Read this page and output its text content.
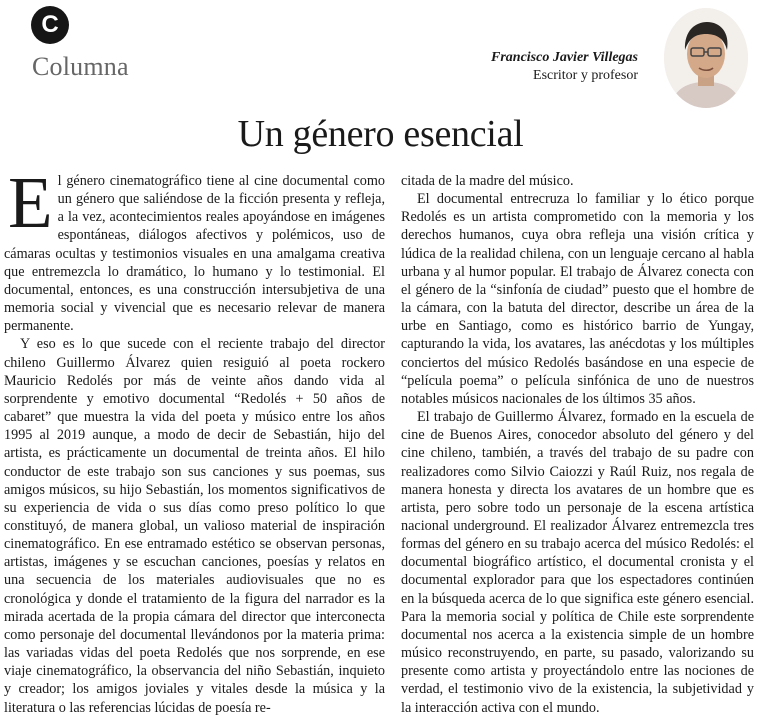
C
Columna	Francisco Javier Villegas
Escritor y profesor
Un género esencial

El género cinematográfico tiene al cine documental como un género que saliéndose de la ficción presenta y refleja, a la vez, acontecimientos reales apoyándose en imágenes espontáneas, diálogos afectivos y polémicos, uso de cámaras ocultas y testimonios visuales en una amalgama creativa que entremezcla lo dramático, lo humano y lo testimonial. El documental, entonces, es una construcción intersubjetiva de una memoria social y vivencial que es necesario relevar de manera permanente.

Y eso es lo que sucede con el reciente trabajo del director chileno Guillermo Álvarez quien resiguió al poeta rockero Mauricio Redolés por más de veinte años dando vida al sorprendente y emotivo documental “Redolés + 50 años de cabaret” que muestra la vida del poeta y músico entre los años 1995 al 2019 aunque, a modo de decir de Sebastián, hijo del artista, es prácticamente un documental de treinta años. El hilo conductor de este trabajo son sus canciones y sus poemas, sus amigos músicos, su hijo Sebastián, los momentos significativos de su experiencia de vida o sus días como preso político lo que constituyó, de manera global, un valioso material de inspiración cinematográfico. En ese entramado estético se observan personas, artistas, imágenes y se escuchan canciones, poesías y relatos en una secuencia de los materiales audiovisuales que no es cronológica y donde el tratamiento de la figura del narrador es la mirada acertada de la propia cámara del director que interconecta como personaje del documental llevándonos por la materia prima: las variadas vidas del poeta Redolés que nos sorprende, en ese viaje cinematográfico, la observancia del niño Sebastián, inquieto y creador; los amigos joviales y vitales desde la música y la literatura o las referencias lúcidas de poesía re-

citada de la madre del músico.

El documental entrecruza lo familiar y lo ético porque Redolés es un artista comprometido con la memoria y los derechos humanos, cuya obra refleja una visión crítica y lúdica de la realidad chilena, con un lenguaje cercano al habla urbana y al humor popular. El trabajo de Álvarez conecta con el género de la “sinfonía de ciudad” puesto que el hombre de la cámara, con la batuta del director, describe un área de la urbe en Santiago, como es histórico barrio de Yungay, capturando la vida, los avatares, las anécdotas y los múltiples conciertos del músico Redolés basándose en una especie de “película poema” o película sinfónica de uno de nuestros notables músicos nacionales de los últimos 35 años.

El trabajo de Guillermo Álvarez, formado en la escuela de cine de Buenos Aires, conocedor absoluto del género y del cine chileno, también, a través del trabajo de su padre con realizadores como Silvio Caiozzi y Raúl Ruiz, nos regala de manera honesta y directa los avatares de un hombre que es artista, pero sobre todo un personaje de la escena artística nacional underground. El realizador Álvarez entremezcla tres formas del género en su trabajo acerca del músico Redolés: el documental biográfico artístico, el documental cronista y el documental explorador para que los espectadores continúen en la búsqueda acerca de lo que significa este género esencial. Para la memoria social y política de Chile este sorprendente documental nos acerca a la existencia simple de un hombre músico reconstruyendo, en parte, su pasado, valorizando su presente como artista y proyectándolo entre las nociones de verdad, el testimonio vivo de la existencia, la subjetividad y la interacción activa con el mundo.
